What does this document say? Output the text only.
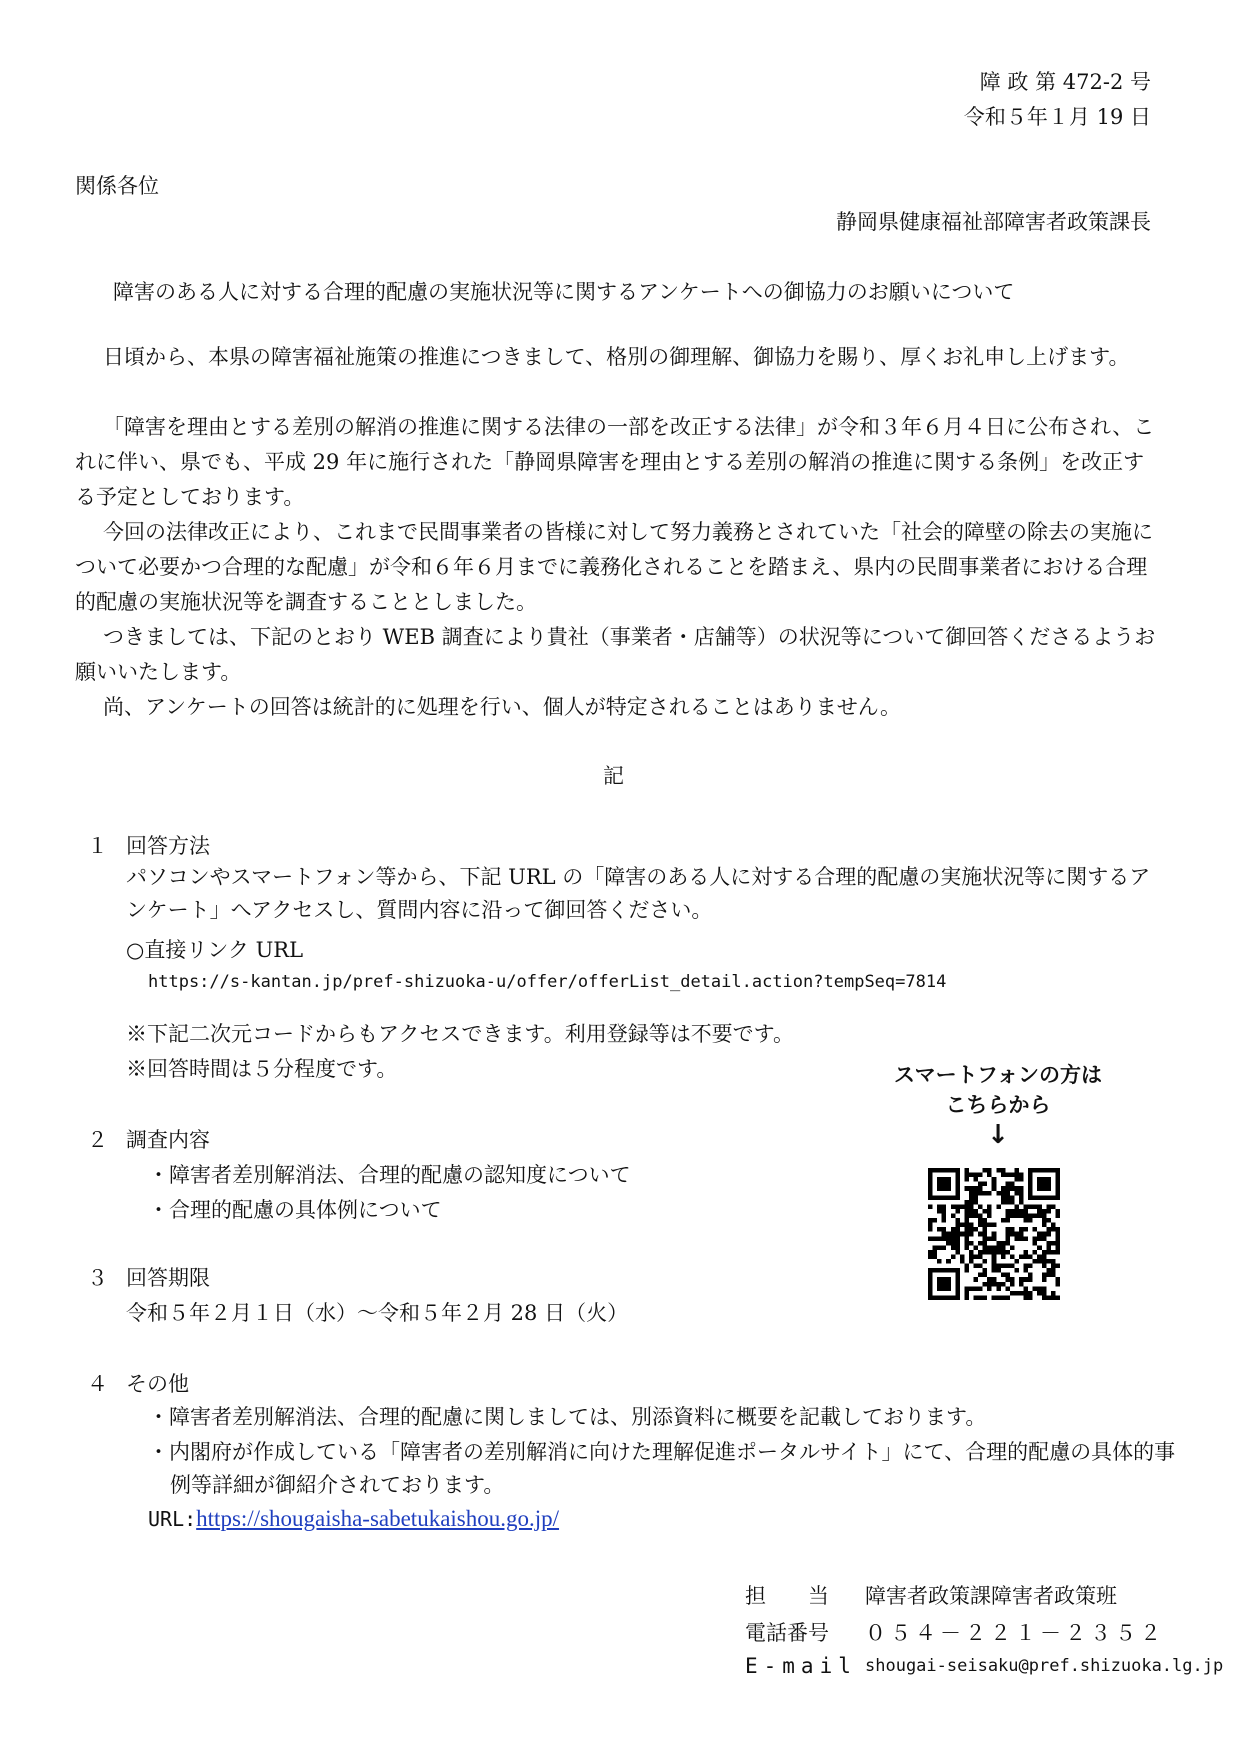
障 政 第 472-2 号
令和５年１月 19 日
関係各位
静岡県健康福祉部障害者政策課長
障害のある人に対する合理的配慮の実施状況等に関するアンケートへの御協力のお願いについて

日頃から、本県の障害福祉施策の推進につきまして、格別の御理解、御協力を賜り、厚くお礼申し上げます。

「障害を理由とする差別の解消の推進に関する法律の一部を改正する法律」が令和３年６月４日に公布され、これに伴い、県でも、平成 29 年に施行された「静岡県障害を理由とする差別の解消の推進に関する条例」を改正する予定としております。

今回の法律改正により、これまで民間事業者の皆様に対して努力義務とされていた「社会的障壁の除去の実施について必要かつ合理的な配慮」が令和６年６月までに義務化されることを踏まえ、県内の民間事業者における合理的配慮の実施状況等を調査することとしました。

つきましては、下記のとおり WEB 調査により貴社（事業者・店舗等）の状況等について御回答くださるようお願いいたします。

尚、アンケートの回答は統計的に処理を行い、個人が特定されることはありません。

記
１ 回答方法

パソコンやスマートフォン等から、下記 URL の「障害のある人に対する合理的配慮の実施状況等に関するアンケート」へアクセスし、質問内容に沿って御回答ください。

○直接リンク URL
https://s-kantan.jp/pref-shizuoka-u/offer/offerList_detail.action?tempSeq=7814
※下記二次元コードからもアクセスできます。利用登録等は不要です。
※回答時間は５分程度です。
２ 調査内容
・障害者差別解消法、合理的配慮の認知度について
・合理的配慮の具体例について
３ 回答期限
令和５年２月１日（水）～令和５年２月 28 日（火）
４ その他
・障害者差別解消法、合理的配慮に関しましては、別添資料に概要を記載しております。
・内閣府が作成している「障害者の差別解消に向けた理解促進ポータルサイト」にて、合理的配慮の具体的事例等詳細が御紹介されております。
URL:https://shougaisha-sabetukaishou.go.jp/
スマートフォンの方は
こちらから
↓
担　　当 障害者政策課障害者政策班
電話番号 ０５４－２２１－２３５２
E-mail shougai-seisaku@pref.shizuoka.lg.jp
